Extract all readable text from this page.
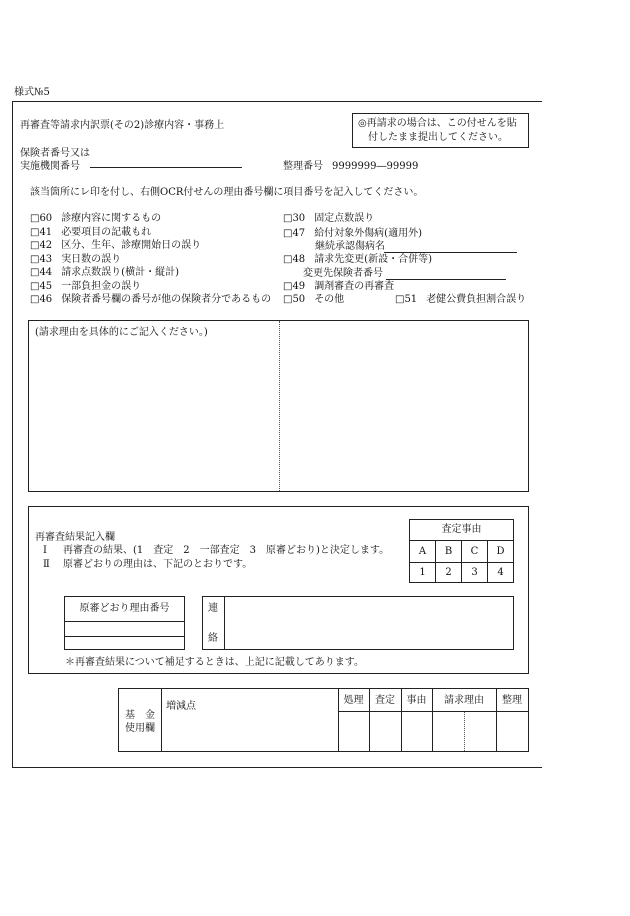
様式№5
再審査等請求内訳票(その2)診療内容・事務上	◎再請求の場合は、この付せんを貼
付したまま提出してください。
保険者番号又は
実施機関番号	整理番号 9999999―99999
該当箇所にレ印を付し、右側OCR付せんの理由番号欄に項目番号を記入してください。
□60 診療内容に関するもの
□41 必要項目の記載もれ
□42 区分、生年、診療開始日の誤り
□43 実日数の誤り
□44 請求点数誤り(横計・縦計)
□45 一部負担金の誤り
□46 保険者番号欄の番号が他の保険者分であるもの
□30 固定点数誤り
□47 給付対象外傷病(適用外)
継続承認傷病名
□48 請求先変更(新設・合併等)
変更先保険者番号
□49 調剤審査の再審査
□50 その他	□51 老健公費負担割合誤り
(請求理由を具体的にご記入ください。)
再審査結果記入欄
Ⅰ 再審査の結果、(1　査定　2　一部査定　3　原審どおり)と決定します。
Ⅱ 原審どおりの理由は、下記のとおりです。
査定事由
A	B	C	D
1	2	3	4
原審どおり理由番号	連
絡
＊再審査結果について補足するときは、上記に記載してあります。
基　金
使用欄
増減点
処理	査定	事由	請求理由	整理
